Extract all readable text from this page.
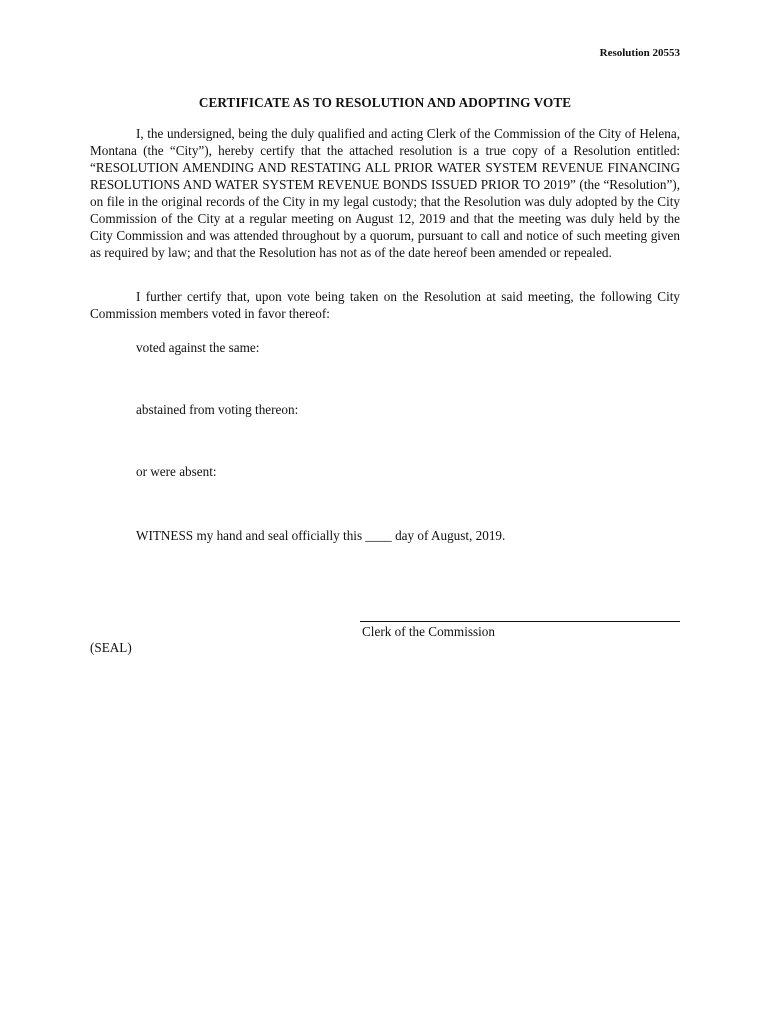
Resolution 20553
CERTIFICATE AS TO RESOLUTION AND ADOPTING VOTE

I, the undersigned, being the duly qualified and acting Clerk of the Commission of the City of Helena, Montana (the “City”), hereby certify that the attached resolution is a true copy of a Resolution entitled: “RESOLUTION AMENDING AND RESTATING ALL PRIOR WATER SYSTEM REVENUE FINANCING RESOLUTIONS AND WATER SYSTEM REVENUE BONDS ISSUED PRIOR TO 2019” (the “Resolution”), on file in the original records of the City in my legal custody; that the Resolution was duly adopted by the City Commission of the City at a regular meeting on August 12, 2019 and that the meeting was duly held by the City Commission and was attended throughout by a quorum, pursuant to call and notice of such meeting given as required by law; and that the Resolution has not as of the date hereof been amended or repealed.

I further certify that, upon vote being taken on the Resolution at said meeting, the following City Commission members voted in favor thereof:

voted against the same:
abstained from voting thereon:
or were absent:
WITNESS my hand and seal officially this ____ day of August, 2019.
Clerk of the Commission
(SEAL)
